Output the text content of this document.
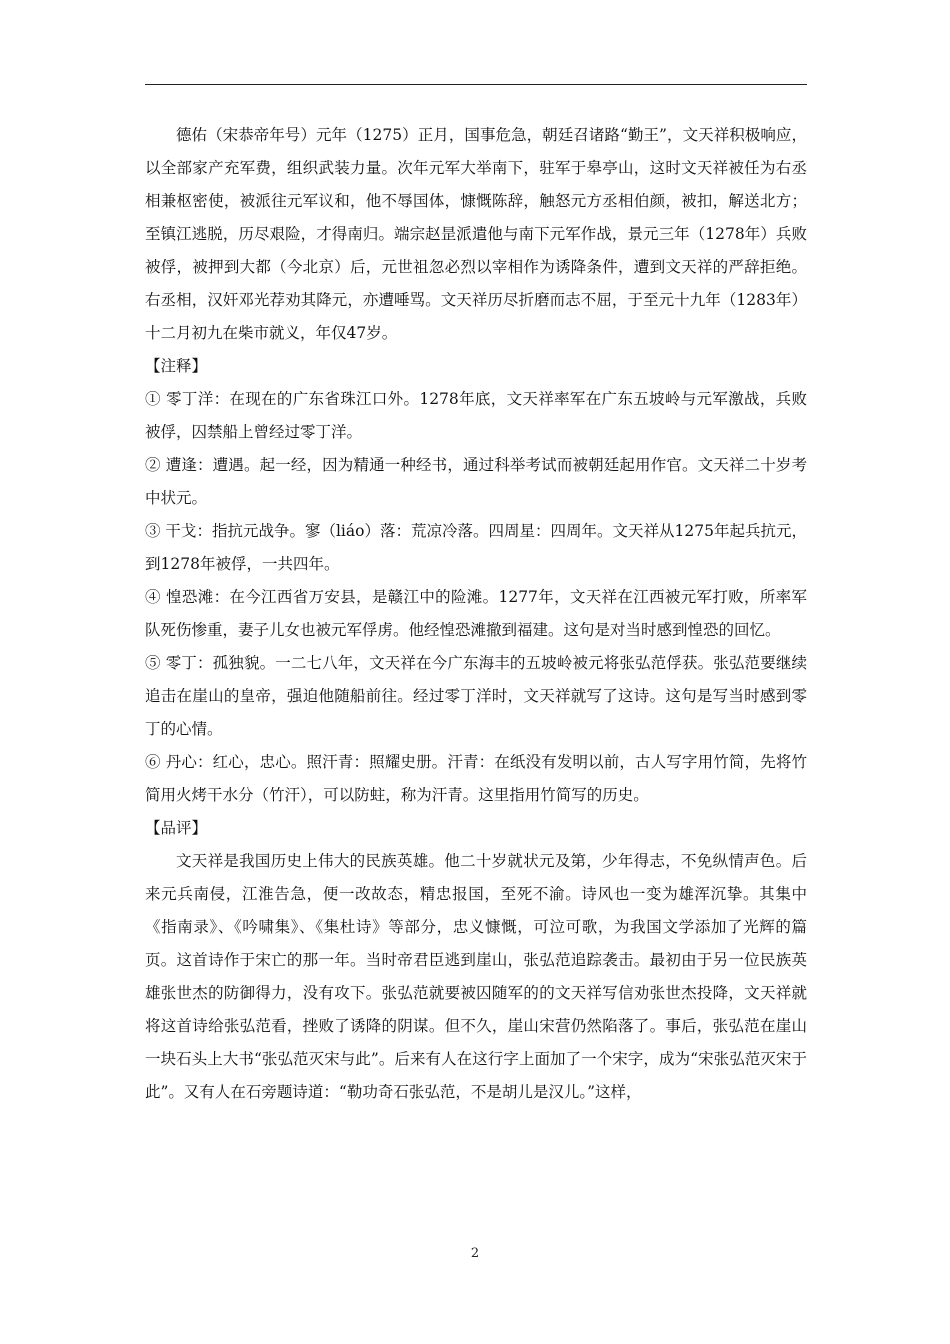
德佑（宋恭帝年号）元年（1275）正月，国事危急，朝廷召诸路“勤王”，文天祥积极响应，以全部家产充军费，组织武装力量。次年元军大举南下，驻军于皋亭山，这时文天祥被任为右丞相兼枢密使，被派往元军议和，他不辱国体，慷慨陈辞，触怒元方丞相伯颜，被扣，解送北方；至镇江逃脱，历尽艰险，才得南归。端宗赵昰派遣他与南下元军作战，景元三年（1278年）兵败被俘，被押到大都（今北京）后，元世祖忽必烈以宰相作为诱降条件，遭到文天祥的严辞拒绝。右丞相，汉奸邓光荐劝其降元，亦遭唾骂。文天祥历尽折磨而志不屈，于至元十九年（1283年）十二月初九在柴市就义，年仅47岁。

【注释】

① 零丁洋：在现在的广东省珠江口外。1278年底，文天祥率军在广东五坡岭与元军激战，兵败被俘，囚禁船上曾经过零丁洋。

② 遭逢：遭遇。起一经，因为精通一种经书，通过科举考试而被朝廷起用作官。文天祥二十岁考中状元。

③ 干戈：指抗元战争。寥（liáo）落：荒凉冷落。四周星：四周年。文天祥从1275年起兵抗元，到1278年被俘，一共四年。

④ 惶恐滩：在今江西省万安县，是赣江中的险滩。1277年，文天祥在江西被元军打败，所率军队死伤惨重，妻子儿女也被元军俘虏。他经惶恐滩撤到福建。这句是对当时感到惶恐的回忆。

⑤ 零丁：孤独貌。一二七八年，文天祥在今广东海丰的五坡岭被元将张弘范俘获。张弘范要继续追击在崖山的皇帝，强迫他随船前往。经过零丁洋时，文天祥就写了这诗。这句是写当时感到零丁的心情。

⑥ 丹心：红心，忠心。照汗青：照耀史册。汗青：在纸没有发明以前，古人写字用竹简，先将竹简用火烤干水分（竹汗），可以防蛀，称为汗青。这里指用竹简写的历史。

【品评】

文天祥是我国历史上伟大的民族英雄。他二十岁就状元及第，少年得志，不免纵情声色。后来元兵南侵，江淮告急，便一改故态，精忠报国，至死不渝。诗风也一变为雄浑沉挚。其集中《指南录》、《吟啸集》、《集杜诗》等部分，忠义慷慨，可泣可歌，为我国文学添加了光辉的篇页。这首诗作于宋亡的那一年。当时帝君臣逃到崖山，张弘范追踪袭击。最初由于另一位民族英雄张世杰的防御得力，没有攻下。张弘范就要被囚随军的的文天祥写信劝张世杰投降，文天祥就将这首诗给张弘范看，挫败了诱降的阴谋。但不久，崖山宋营仍然陷落了。事后，张弘范在崖山一块石头上大书“张弘范灭宋与此”。后来有人在这行字上面加了一个宋字，成为“宋张弘范灭宋于此”。又有人在石旁题诗道：“勒功奇石张弘范，不是胡儿是汉儿。”这样，

2
